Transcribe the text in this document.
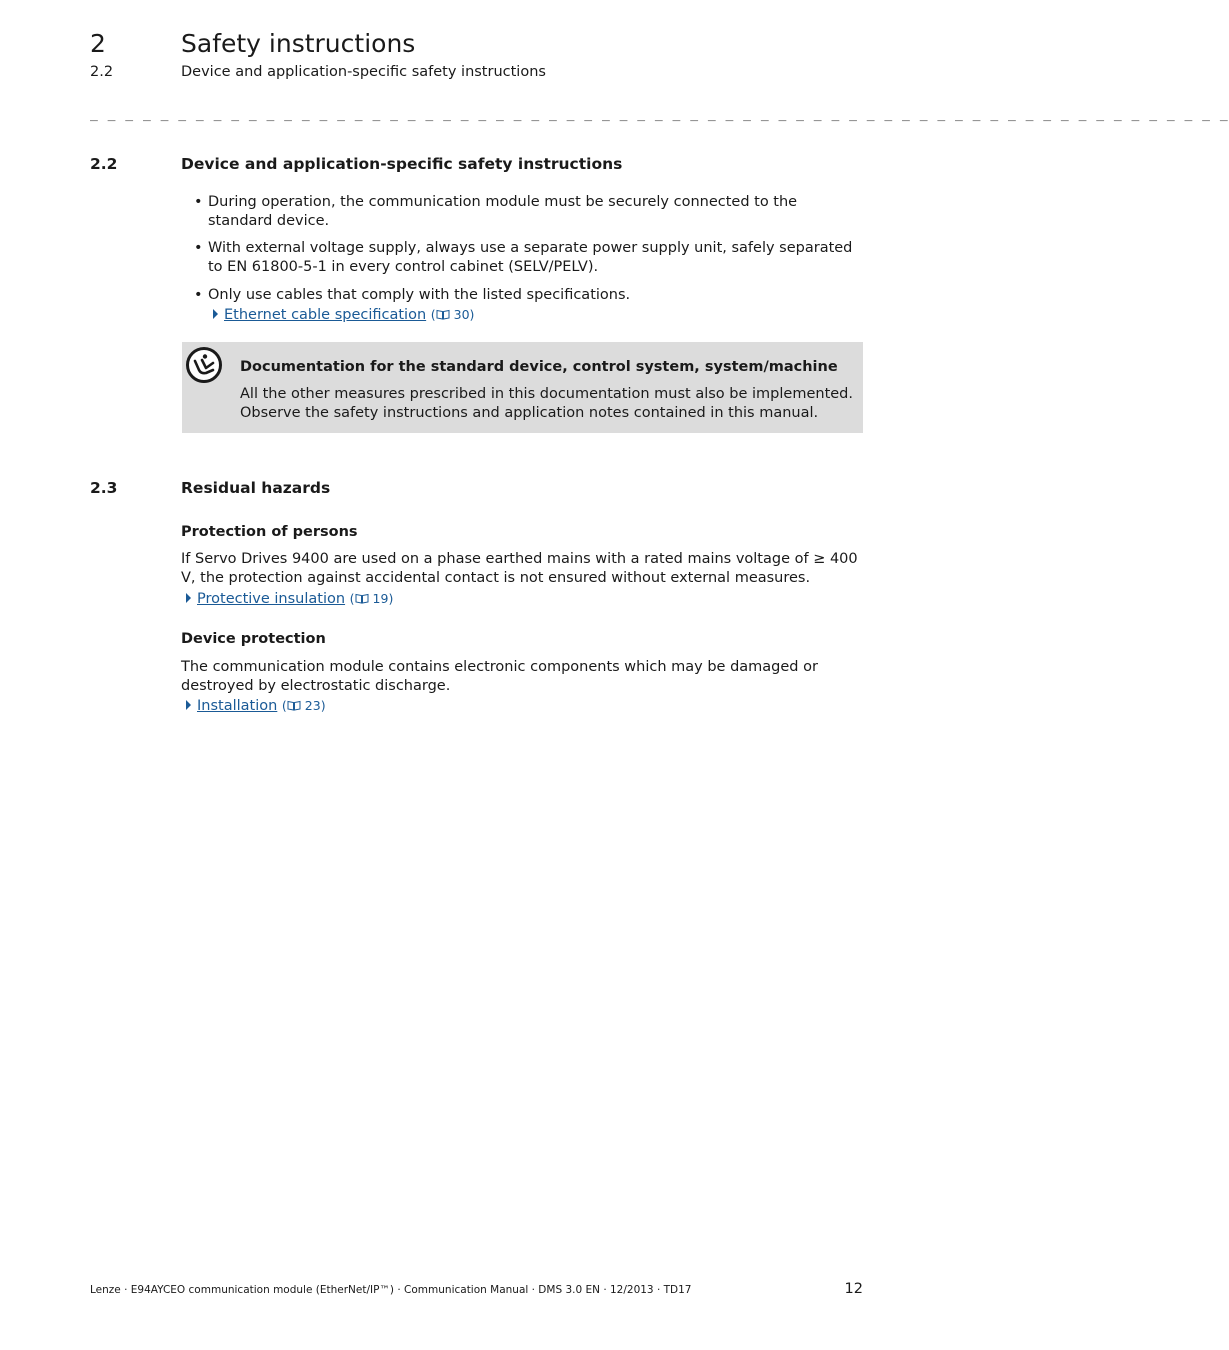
2	Safety instructions
2.2	Device and application-specific safety instructions
_ _ _ _ _ _ _ _ _ _ _ _ _ _ _ _ _ _ _ _ _ _ _ _ _ _ _ _ _ _ _ _ _ _ _ _ _ _ _ _ _ _ _ _ _ _ _ _ _ _ _ _ _ _ _ _ _ _ _ _ _ _ _ _ _
2.2	Device and application-specific safety instructions
• During operation, the communication module must be securely connected to the standard device.
• With external voltage supply, always use a separate power supply unit, safely separated to EN 61800-5-1 in every control cabinet (SELV/PELV).
• Only use cables that comply with the listed specifications.
Ethernet cable specification ( 30)
Documentation for the standard device, control system, system/machine
All the other measures prescribed in this documentation must also be implemented. Observe the safety instructions and application notes contained in this manual.
2.3	Residual hazards
Protection of persons
If Servo Drives 9400 are used on a phase earthed mains with a rated mains voltage of ≥ 400 V, the protection against accidental contact is not ensured without external measures.
Protective insulation ( 19)
Device protection
The communication module contains electronic components which may be damaged or destroyed by electrostatic discharge.
Installation ( 23)
Lenze · E94AYCEO communication module (EtherNet/IP™) · Communication Manual · DMS 3.0 EN · 12/2013 · TD17	12
